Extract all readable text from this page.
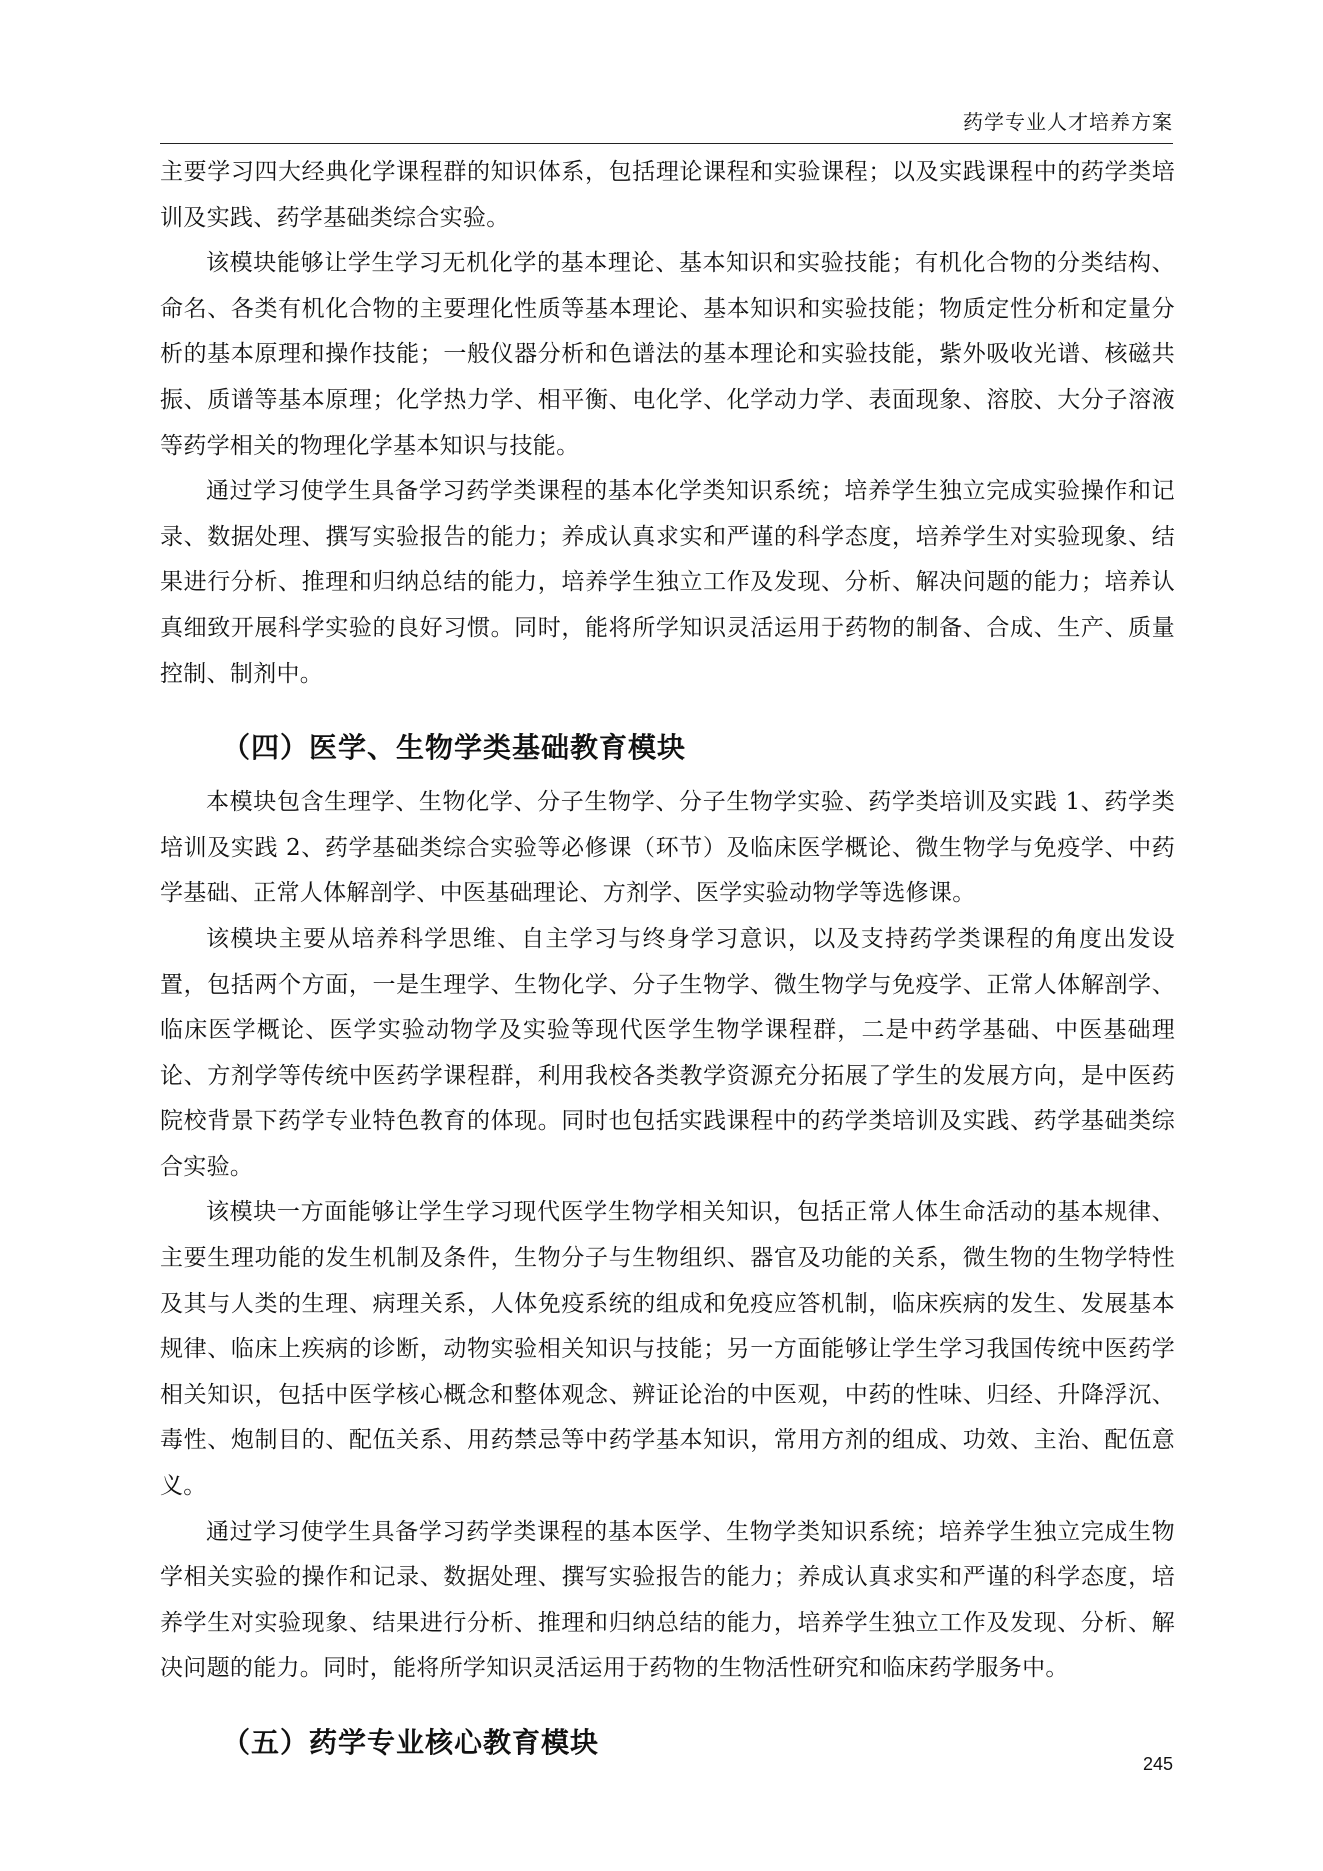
药学专业人才培养方案

主要学习四大经典化学课程群的知识体系，包括理论课程和实验课程；以及实践课程中的药学类培训及实践、药学基础类综合实验。

该模块能够让学生学习无机化学的基本理论、基本知识和实验技能；有机化合物的分类结构、命名、各类有机化合物的主要理化性质等基本理论、基本知识和实验技能；物质定性分析和定量分析的基本原理和操作技能；一般仪器分析和色谱法的基本理论和实验技能，紫外吸收光谱、核磁共振、质谱等基本原理；化学热力学、相平衡、电化学、化学动力学、表面现象、溶胶、大分子溶液等药学相关的物理化学基本知识与技能。

通过学习使学生具备学习药学类课程的基本化学类知识系统；培养学生独立完成实验操作和记录、数据处理、撰写实验报告的能力；养成认真求实和严谨的科学态度，培养学生对实验现象、结果进行分析、推理和归纳总结的能力，培养学生独立工作及发现、分析、解决问题的能力；培养认真细致开展科学实验的良好习惯。同时，能将所学知识灵活运用于药物的制备、合成、生产、质量控制、制剂中。

（四）医学、生物学类基础教育模块

本模块包含生理学、生物化学、分子生物学、分子生物学实验、药学类培训及实践 1、药学类培训及实践 2、药学基础类综合实验等必修课（环节）及临床医学概论、微生物学与免疫学、中药学基础、正常人体解剖学、中医基础理论、方剂学、医学实验动物学等选修课。

该模块主要从培养科学思维、自主学习与终身学习意识，以及支持药学类课程的角度出发设置，包括两个方面，一是生理学、生物化学、分子生物学、微生物学与免疫学、正常人体解剖学、临床医学概论、医学实验动物学及实验等现代医学生物学课程群，二是中药学基础、中医基础理论、方剂学等传统中医药学课程群，利用我校各类教学资源充分拓展了学生的发展方向，是中医药院校背景下药学专业特色教育的体现。同时也包括实践课程中的药学类培训及实践、药学基础类综合实验。

该模块一方面能够让学生学习现代医学生物学相关知识，包括正常人体生命活动的基本规律、主要生理功能的发生机制及条件，生物分子与生物组织、器官及功能的关系，微生物的生物学特性及其与人类的生理、病理关系，人体免疫系统的组成和免疫应答机制，临床疾病的发生、发展基本规律、临床上疾病的诊断，动物实验相关知识与技能；另一方面能够让学生学习我国传统中医药学相关知识，包括中医学核心概念和整体观念、辨证论治的中医观，中药的性味、归经、升降浮沉、毒性、炮制目的、配伍关系、用药禁忌等中药学基本知识，常用方剂的组成、功效、主治、配伍意义。

通过学习使学生具备学习药学类课程的基本医学、生物学类知识系统；培养学生独立完成生物学相关实验的操作和记录、数据处理、撰写实验报告的能力；养成认真求实和严谨的科学态度，培养学生对实验现象、结果进行分析、推理和归纳总结的能力，培养学生独立工作及发现、分析、解决问题的能力。同时，能将所学知识灵活运用于药物的生物活性研究和临床药学服务中。

（五）药学专业核心教育模块
245
